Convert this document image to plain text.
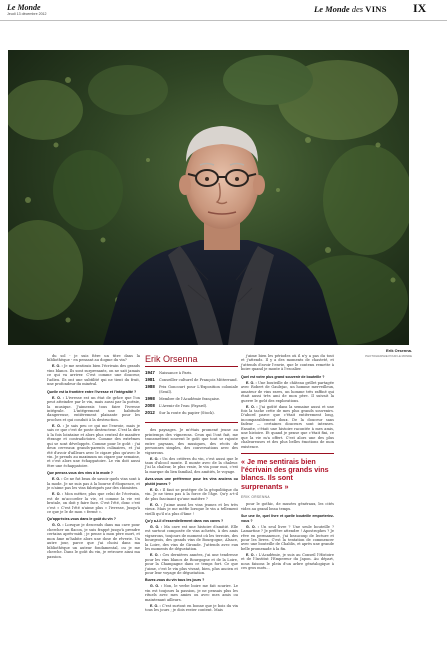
Le Monde
Jeudi 13 décembre 2012	Le Monde des VINS IX
Erik Orsenna.
PHOTOGRAPHIE POUR LE MONDE

du sol - je suis fière un titre dans la bibliothèque - en pensant au dogme du vin?

E. O. : Je me sentirais bien l'écrivain des grands vins blancs. Ils sont surprenants, on ne sait jamais ce qui va arriver. C'est comme une douceur, l'adieu. Ils ont une subtilité qui ne tient du fruit, une profondeur du minéral.

Quelle est la frontière entre l'ivresse et l'intégralité ?

E. O. : L'ivresse est un état de grâce que l'on peut atteindre par le vin, mais aussi par la poésie, la musique. J'aimerais tous faire l'ivresse intégrale. L'intégrement une habitude dangereuse, entièrement plaisante pour les proches et qui conduit à la destruction.

E. O. : Je sais peu ce qui me l'envoie, mais je sais ce que c'est de poste destructeur. C'est la dire à la fois lointaine et alors plus central de manière étrange et contradictoire. Comme des extrêmes qui se sont développés. Comme pour le goût : j'ai deux cerveaux grands-parents culinaires, et j'ai été d'avoir d'ailleurs avec le cigare plus qu'avec le vin. Je prends au maximum un cigare par semaine, et c'est alors une échappatoire. Le vin doit aussi être une échappatoire.

Que pensez-vous des vins à la mode ?

E. O. : Ce ne fut beau de savoir quels vins sont à la mode. Je ne suis pas à la bourse d'éloquence, et je n'aime pas les vins fabriqués par des chimistes.

E. O. : Mon métier, plus que celui de l'écrivain, est de m'accorder la vie, et comme la vie est brutale, on doit y faire face. C'est l'été, donc c'est c'est « C'est l'été n'aime plus » l'ivresse, Jusqu'à ce que je le de mon « fermé ».

Qu'appréciez-vous dans le goût du vin ?

G. O. : Lorsque je descends dans ma cave pour chercher un flacon, je suis frappé jusqu'à prendre certains après-midi ; je pense à mon père mort, et mon âme m'habite alors une dose de rêverie. Un autre jour, parce que j'ai choisi dans ma bibliothèque un auteur fondamental, ou je me cherche. Dans le goût du vin, je retrouve ainsi ma passion.

Erik Orsenna
1947	Naissance à Paris.
1981	Conseiller culturel de François Mitterrand.
1988	Prix Goncourt pour L'Exposition coloniale (Seuil).
1998	Membre de l'Académie française.
2008	L'Avenir de l'eau (Fayard).
2012	Sur la route du papier (Stock).

des paysages. Je m'étais promené jeune au printemps des vignerons. Ceux qui l'ont fait, me transmettent souvent le goût que tout se rajoute entre paysans, des musiques, des récits de personnes simples, des conversations avec des vignerons.

E. O. : Un des critères du vin, c'est aussi que le taux d'alcool monte. Il monte avec de la chaleur. J'ai la chaleur, le plus vraie, le vin pour moi, c'est la marque du lien familial, des amitiés, le voyage.

Avez-vous une préférence pour les vins anciens ou plutôt jeunes ?

E. O. : Il faut se protéger de la géopolitique du vin. Je ne tiens pas à la force de l'âge. Qu'y a-t-il de plus fascinant qu'une matière ?

E. O. : J'aime aussi les vins jeunes et les très vieux. Mais je me méfie lorsque le vin a tellement vieilli qu'il n'a plus d'âme !

Qu'y a-t-il d'essentiellement dans vos caves ?

G. O. : Ma cave est une histoire d'amitié. Elle est surtout composée de vins achetés, à des amis vignerons, toujours de moment où les terroirs, des bourgeois, des grands vins de Bourgogne, Alsace, la Loire, des vins de Gironde. J'attends avec eux les moments de dégustation.

E. O. : Ces dernières années, j'ai une tendresse pour les vins blancs de Bourgogne et de la Loire, pour la Champagne dans ce temps fort. Ce que j'aime, c'est le vin plus vivant, bien, plus ancien et pour leur voyage de dégustation.

Buvez-vous du vin tous les jours ?

G. O. : Non, le verbe boire me fait sourire. Le vin est toujours la passion, je ne pensais plus les rituels avec mes amies ou avec mes amis ou maintenant ailleurs.

E. O. : C'est surtout en bonne que je bois du vin tous les jours ; je dois rester content. Mais

j'aime bien les périodes où il n'y a pas du tout et j'attends. Il y a des moments de chasteté, et j'attends d'avoir l'envie, que le contenu remette à boire quand je monte à l'escalier.

Quel est votre plus grand souvenir de bouteille ?

E. O. : Une bouteille de château grillet partagée avec Robert de Gaulejac, un homme merveilleux, amateur de vins rares, un homme très raffiné qui était aussi très ami de mon père. Il suivait la guerre le goût des explorations.

E. O. : J'ai goûté dans la semaine aussi et une fois la tache cette de mes plus grands souvenirs. D'abord parce que c'était entièrement long, incomparablement doux. De la douceur sans fadeur — certaines douceurs sont intenses. Ensuite, c'était une histoire racontée à mes amis, une histoire. Et quand je pense que c'était fini, ce que la vie m'a offert. C'est alors une des plus chaleureuses et des plus belles émotions de mon existence.

« Je me sentirais bien l'écrivain des grands vins blancs. Ils sont surprenants »
ERIK ORSENNA

pour le gothic, de musées généraux, les cités vides au grand beau temps.

Sur une île, quel livre et quelle bouteille emporteriez-vous ?

G. O. : Un seul livre ? Une seule bouteille ? Lamartine ? Je préfère attendre ! Apostrophes ? Je rêve en permanence, j'ai beaucoup de lecture et pour les livres. C'est la tentation de commencer avec une bouteille de Chablis, et après une grande belle promenade à la fin.

E. O. : L'Académie, je suis au Conseil l'Histoire et de l'Institut l'Empereur du Japon. Au départ, nous faisons le plein d'un arbre généalogique à ces gros mots...
